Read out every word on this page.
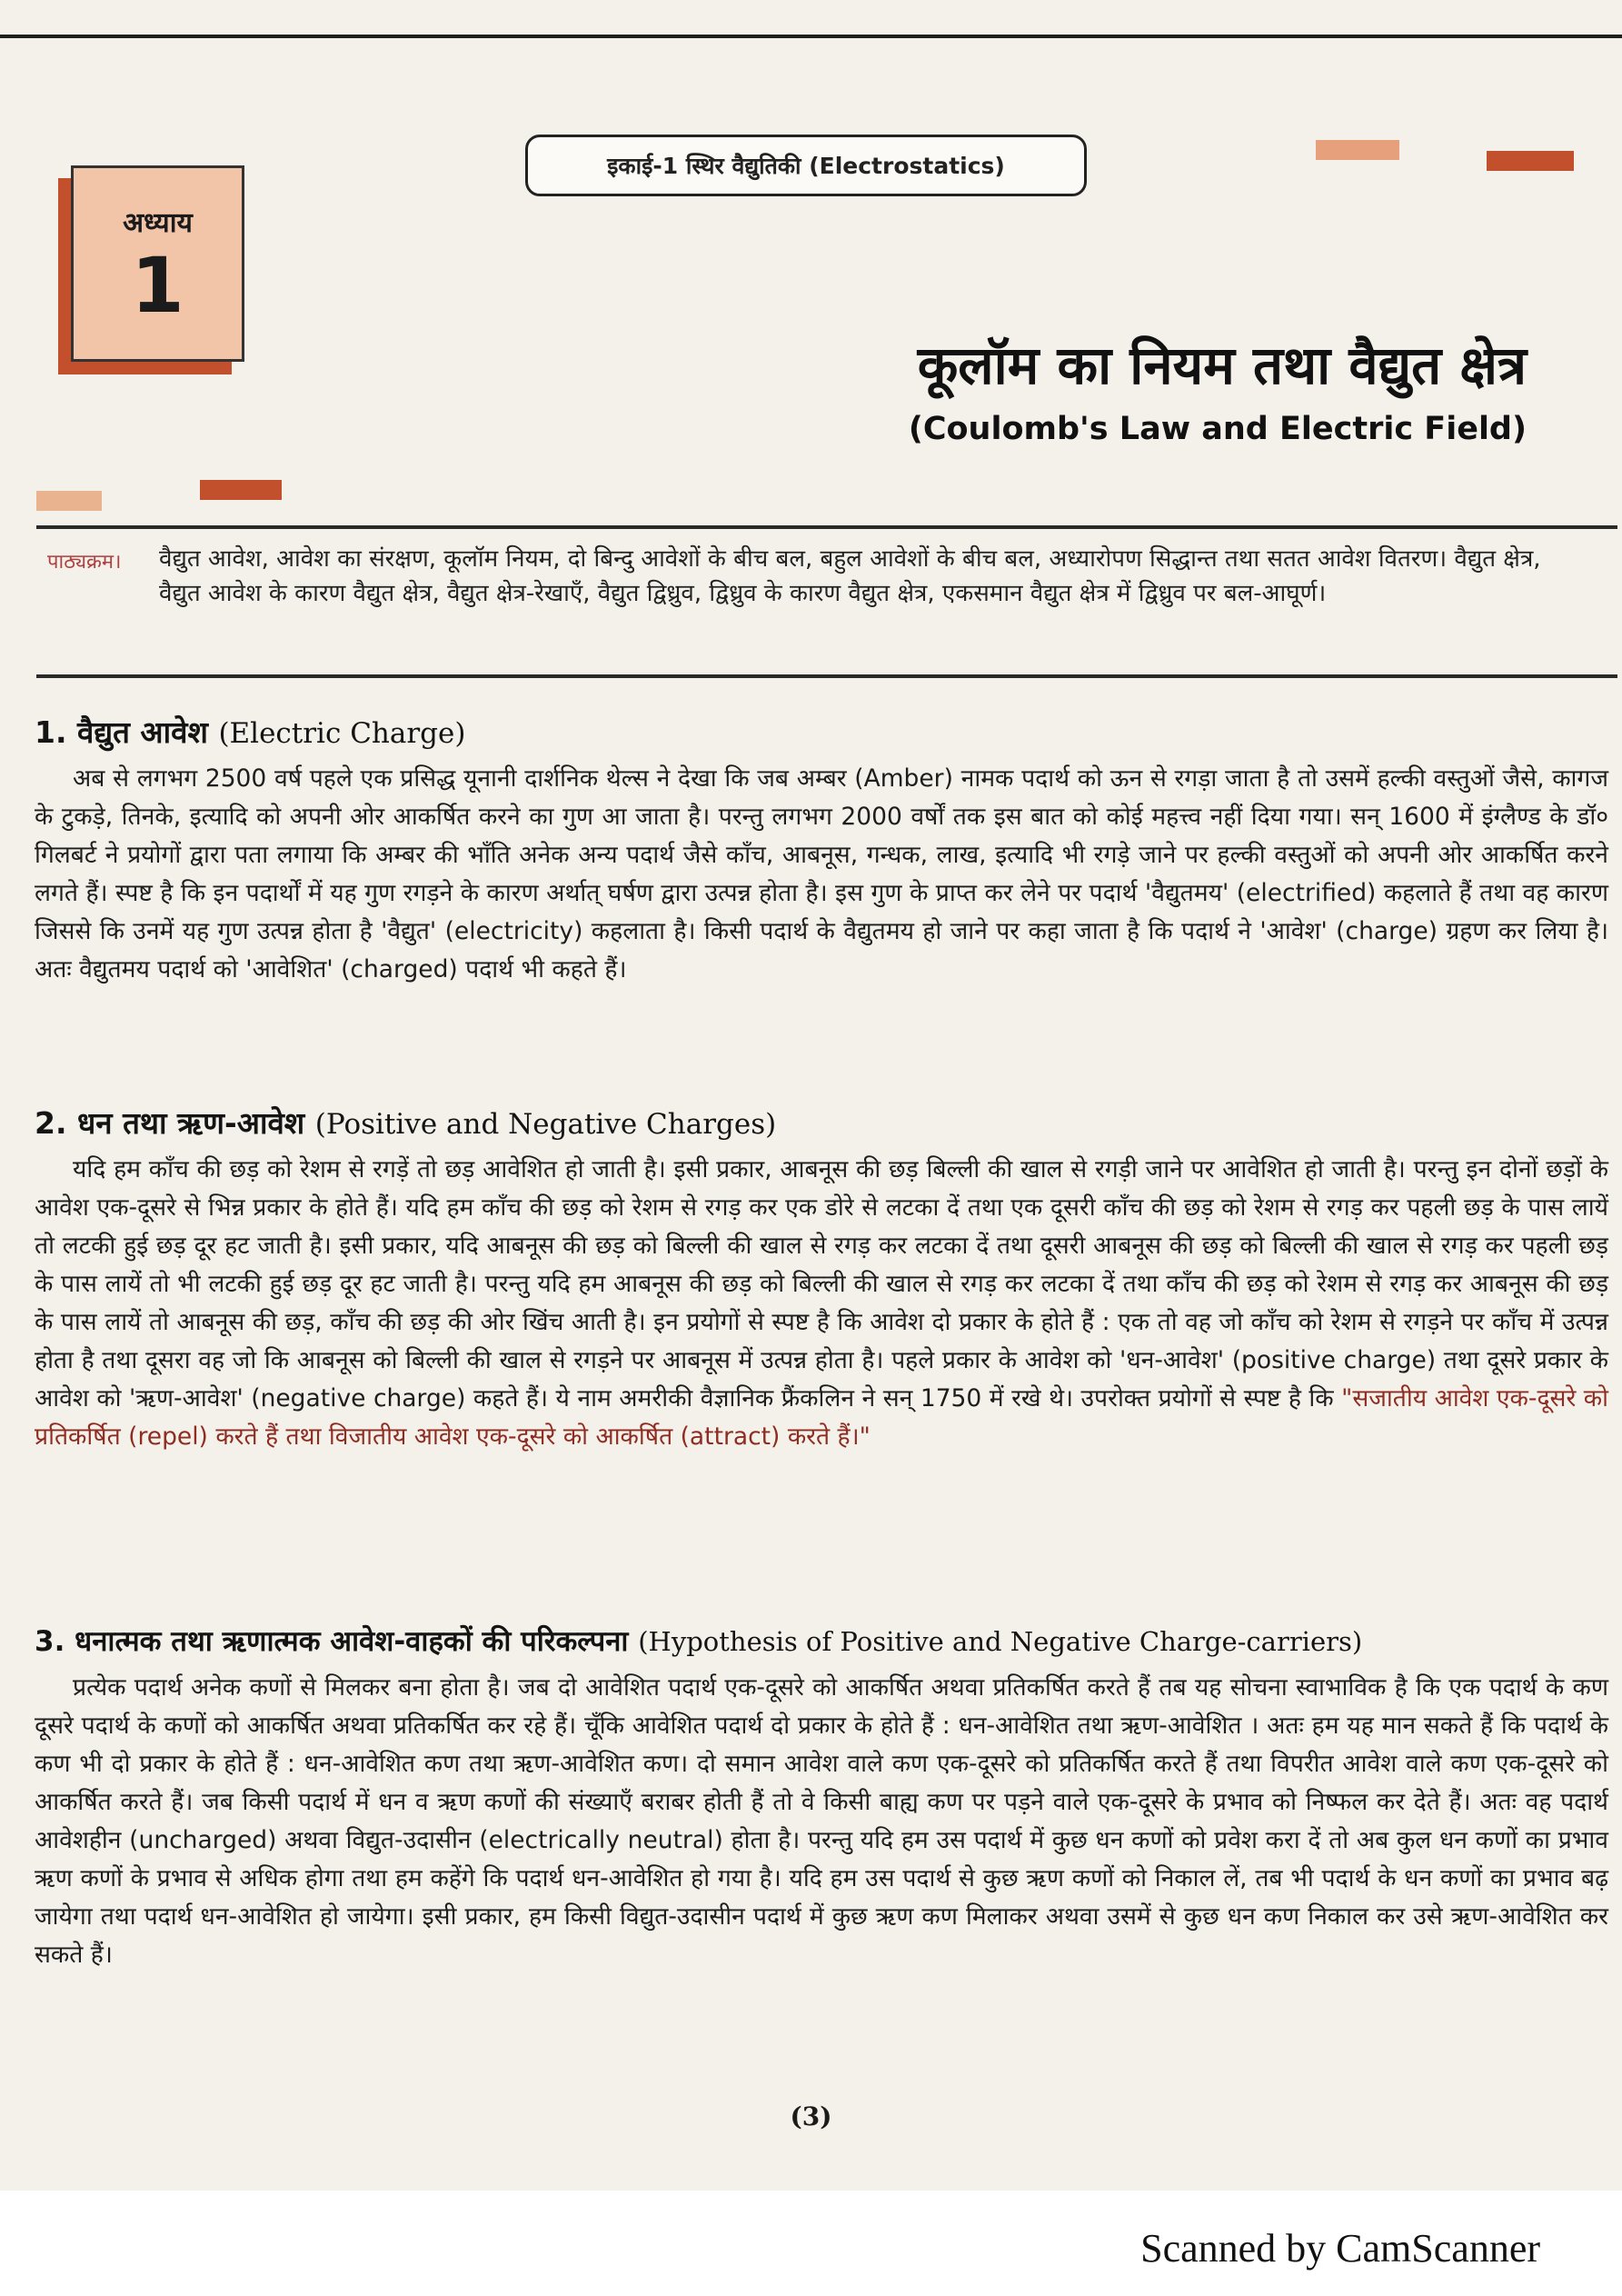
इकाई-1 स्थिर वैद्युतिकी (Electrostatics)
अध्याय
1
कूलॉम का नियम तथा वैद्युत क्षेत्र
(Coulomb's Law and Electric Field)
पाठ्यक्रम। वैद्युत आवेश, आवेश का संरक्षण, कूलॉम नियम, दो बिन्दु आवेशों के बीच बल, बहुल आवेशों के बीच बल, अध्यारोपण सिद्धान्त तथा सतत आवेश वितरण। वैद्युत क्षेत्र, वैद्युत आवेश के कारण वैद्युत क्षेत्र, वैद्युत क्षेत्र-रेखाएँ, वैद्युत द्विध्रुव, द्विध्रुव के कारण वैद्युत क्षेत्र, एकसमान वैद्युत क्षेत्र में द्विध्रुव पर बल-आघूर्ण।
1. वैद्युत आवेश (Electric Charge)
अब से लगभग 2500 वर्ष पहले एक प्रसिद्ध यूनानी दार्शनिक थेल्स ने देखा कि जब अम्बर (Amber) नामक पदार्थ को ऊन से रगड़ा जाता है तो उसमें हल्की वस्तुओं जैसे, कागज के टुकड़े, तिनके, इत्यादि को अपनी ओर आकर्षित करने का गुण आ जाता है। परन्तु लगभग 2000 वर्षों तक इस बात को कोई महत्त्व नहीं दिया गया। सन् 1600 में इंग्लैण्ड के डॉ० गिलबर्ट ने प्रयोगों द्वारा पता लगाया कि अम्बर की भाँति अनेक अन्य पदार्थ जैसे काँच, आबनूस, गन्धक, लाख, इत्यादि भी रगड़े जाने पर हल्की वस्तुओं को अपनी ओर आकर्षित करने लगते हैं। स्पष्ट है कि इन पदार्थों में यह गुण रगड़ने के कारण अर्थात् घर्षण द्वारा उत्पन्न होता है। इस गुण के प्राप्त कर लेने पर पदार्थ 'वैद्युतमय' (electrified) कहलाते हैं तथा वह कारण जिससे कि उनमें यह गुण उत्पन्न होता है 'वैद्युत' (electricity) कहलाता है। किसी पदार्थ के वैद्युतमय हो जाने पर कहा जाता है कि पदार्थ ने 'आवेश' (charge) ग्रहण कर लिया है। अतः वैद्युतमय पदार्थ को 'आवेशित' (charged) पदार्थ भी कहते हैं।
2. धन तथा ऋण-आवेश (Positive and Negative Charges)
यदि हम काँच की छड़ को रेशम से रगड़ें तो छड़ आवेशित हो जाती है। इसी प्रकार, आबनूस की छड़ बिल्ली की खाल से रगड़ी जाने पर आवेशित हो जाती है। परन्तु इन दोनों छड़ों के आवेश एक-दूसरे से भिन्न प्रकार के होते हैं। यदि हम काँच की छड़ को रेशम से रगड़ कर एक डोरे से लटका दें तथा एक दूसरी काँच की छड़ को रेशम से रगड़ कर पहली छड़ के पास लायें तो लटकी हुई छड़ दूर हट जाती है। इसी प्रकार, यदि आबनूस की छड़ को बिल्ली की खाल से रगड़ कर लटका दें तथा दूसरी आबनूस की छड़ को बिल्ली की खाल से रगड़ कर पहली छड़ के पास लायें तो भी लटकी हुई छड़ दूर हट जाती है। परन्तु यदि हम आबनूस की छड़ को बिल्ली की खाल से रगड़ कर लटका दें तथा काँच की छड़ को रेशम से रगड़ कर आबनूस की छड़ के पास लायें तो आबनूस की छड़, काँच की छड़ की ओर खिंच आती है। इन प्रयोगों से स्पष्ट है कि आवेश दो प्रकार के होते हैं : एक तो वह जो काँच को रेशम से रगड़ने पर काँच में उत्पन्न होता है तथा दूसरा वह जो कि आबनूस को बिल्ली की खाल से रगड़ने पर आबनूस में उत्पन्न होता है। पहले प्रकार के आवेश को 'धन-आवेश' (positive charge) तथा दूसरे प्रकार के आवेश को 'ऋण-आवेश' (negative charge) कहते हैं। ये नाम अमरीकी वैज्ञानिक फ्रैंकलिन ने सन् 1750 में रखे थे। उपरोक्त प्रयोगों से स्पष्ट है कि "सजातीय आवेश एक-दूसरे को प्रतिकर्षित (repel) करते हैं तथा विजातीय आवेश एक-दूसरे को आकर्षित (attract) करते हैं।"
3. धनात्मक तथा ऋणात्मक आवेश-वाहकों की परिकल्पना (Hypothesis of Positive and Negative Charge-carriers)
प्रत्येक पदार्थ अनेक कणों से मिलकर बना होता है। जब दो आवेशित पदार्थ एक-दूसरे को आकर्षित अथवा प्रतिकर्षित करते हैं तब यह सोचना स्वाभाविक है कि एक पदार्थ के कण दूसरे पदार्थ के कणों को आकर्षित अथवा प्रतिकर्षित कर रहे हैं। चूँकि आवेशित पदार्थ दो प्रकार के होते हैं : धन-आवेशित तथा ऋण-आवेशित । अतः हम यह मान सकते हैं कि पदार्थ के कण भी दो प्रकार के होते हैं : धन-आवेशित कण तथा ऋण-आवेशित कण। दो समान आवेश वाले कण एक-दूसरे को प्रतिकर्षित करते हैं तथा विपरीत आवेश वाले कण एक-दूसरे को आकर्षित करते हैं। जब किसी पदार्थ में धन व ऋण कणों की संख्याएँ बराबर होती हैं तो वे किसी बाह्य कण पर पड़ने वाले एक-दूसरे के प्रभाव को निष्फल कर देते हैं। अतः वह पदार्थ आवेशहीन (uncharged) अथवा विद्युत-उदासीन (electrically neutral) होता है। परन्तु यदि हम उस पदार्थ में कुछ धन कणों को प्रवेश करा दें तो अब कुल धन कणों का प्रभाव ऋण कणों के प्रभाव से अधिक होगा तथा हम कहेंगे कि पदार्थ धन-आवेशित हो गया है। यदि हम उस पदार्थ से कुछ ऋण कणों को निकाल लें, तब भी पदार्थ के धन कणों का प्रभाव बढ़ जायेगा तथा पदार्थ धन-आवेशित हो जायेगा। इसी प्रकार, हम किसी विद्युत-उदासीन पदार्थ में कुछ ऋण कण मिलाकर अथवा उसमें से कुछ धन कण निकाल कर उसे ऋण-आवेशित कर सकते हैं।
(3)
Scanned by CamScanner
